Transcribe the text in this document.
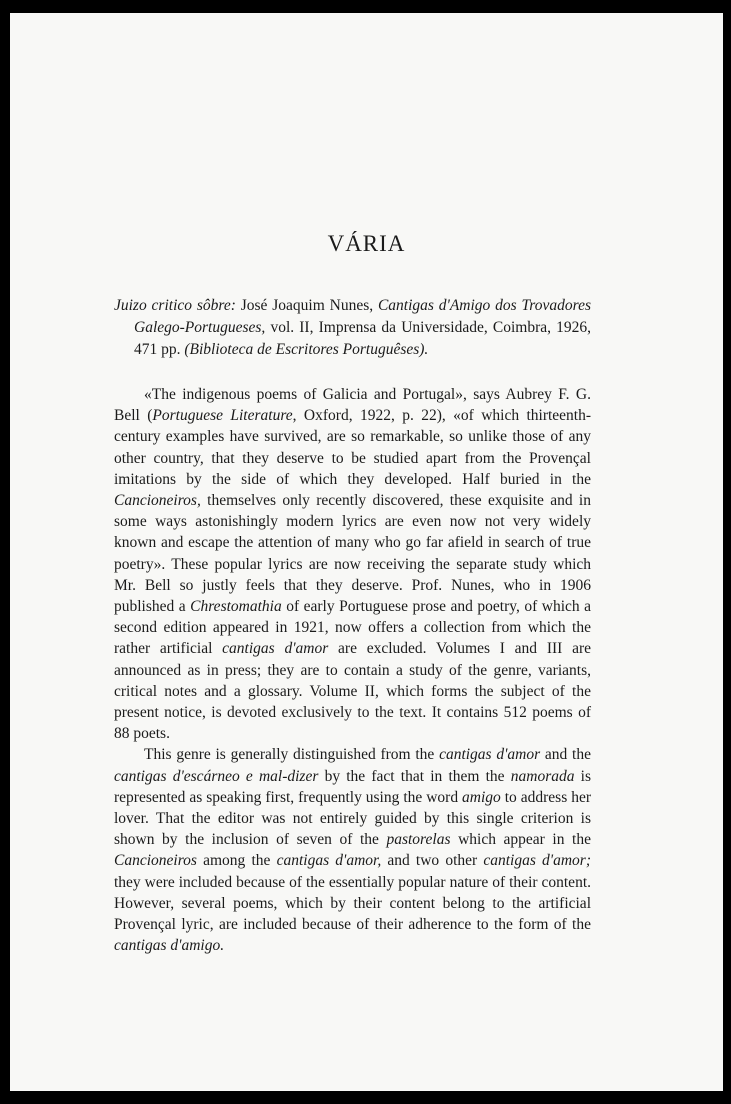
VÁRIA

Juizo critico sôbre: José Joaquim Nunes, Cantigas d'Amigo dos Trovadores Galego-Portugueses, vol. II, Imprensa da Universidade, Coimbra, 1926, 471 pp. (Biblioteca de Escritores Portuguêses).

«The indigenous poems of Galicia and Portugal», says Aubrey F. G. Bell (Portuguese Literature, Oxford, 1922, p. 22), «of which thirteenth-century examples have survived, are so remarkable, so unlike those of any other country, that they deserve to be studied apart from the Provençal imitations by the side of which they developed. Half buried in the Cancioneiros, themselves only recently discovered, these exquisite and in some ways astonishingly modern lyrics are even now not very widely known and escape the attention of many who go far afield in search of true poetry». These popular lyrics are now receiving the separate study which Mr. Bell so justly feels that they deserve. Prof. Nunes, who in 1906 published a Chrestomathia of early Portuguese prose and poetry, of which a second edition appeared in 1921, now offers a collection from which the rather artificial cantigas d'amor are excluded. Volumes I and III are announced as in press; they are to contain a study of the genre, variants, critical notes and a glossary. Volume II, which forms the subject of the present notice, is devoted exclusively to the text. It contains 512 poems of 88 poets.

This genre is generally distinguished from the cantigas d'amor and the cantigas d'escárneo e mal-dizer by the fact that in them the namorada is represented as speaking first, frequently using the word amigo to address her lover. That the editor was not entirely guided by this single criterion is shown by the inclusion of seven of the pastorelas which appear in the Cancioneiros among the cantigas d'amor, and two other cantigas d'amor; they were included because of the essentially popular nature of their content. However, several poems, which by their content belong to the artificial Provençal lyric, are included because of their adherence to the form of the cantigas d'amigo.
